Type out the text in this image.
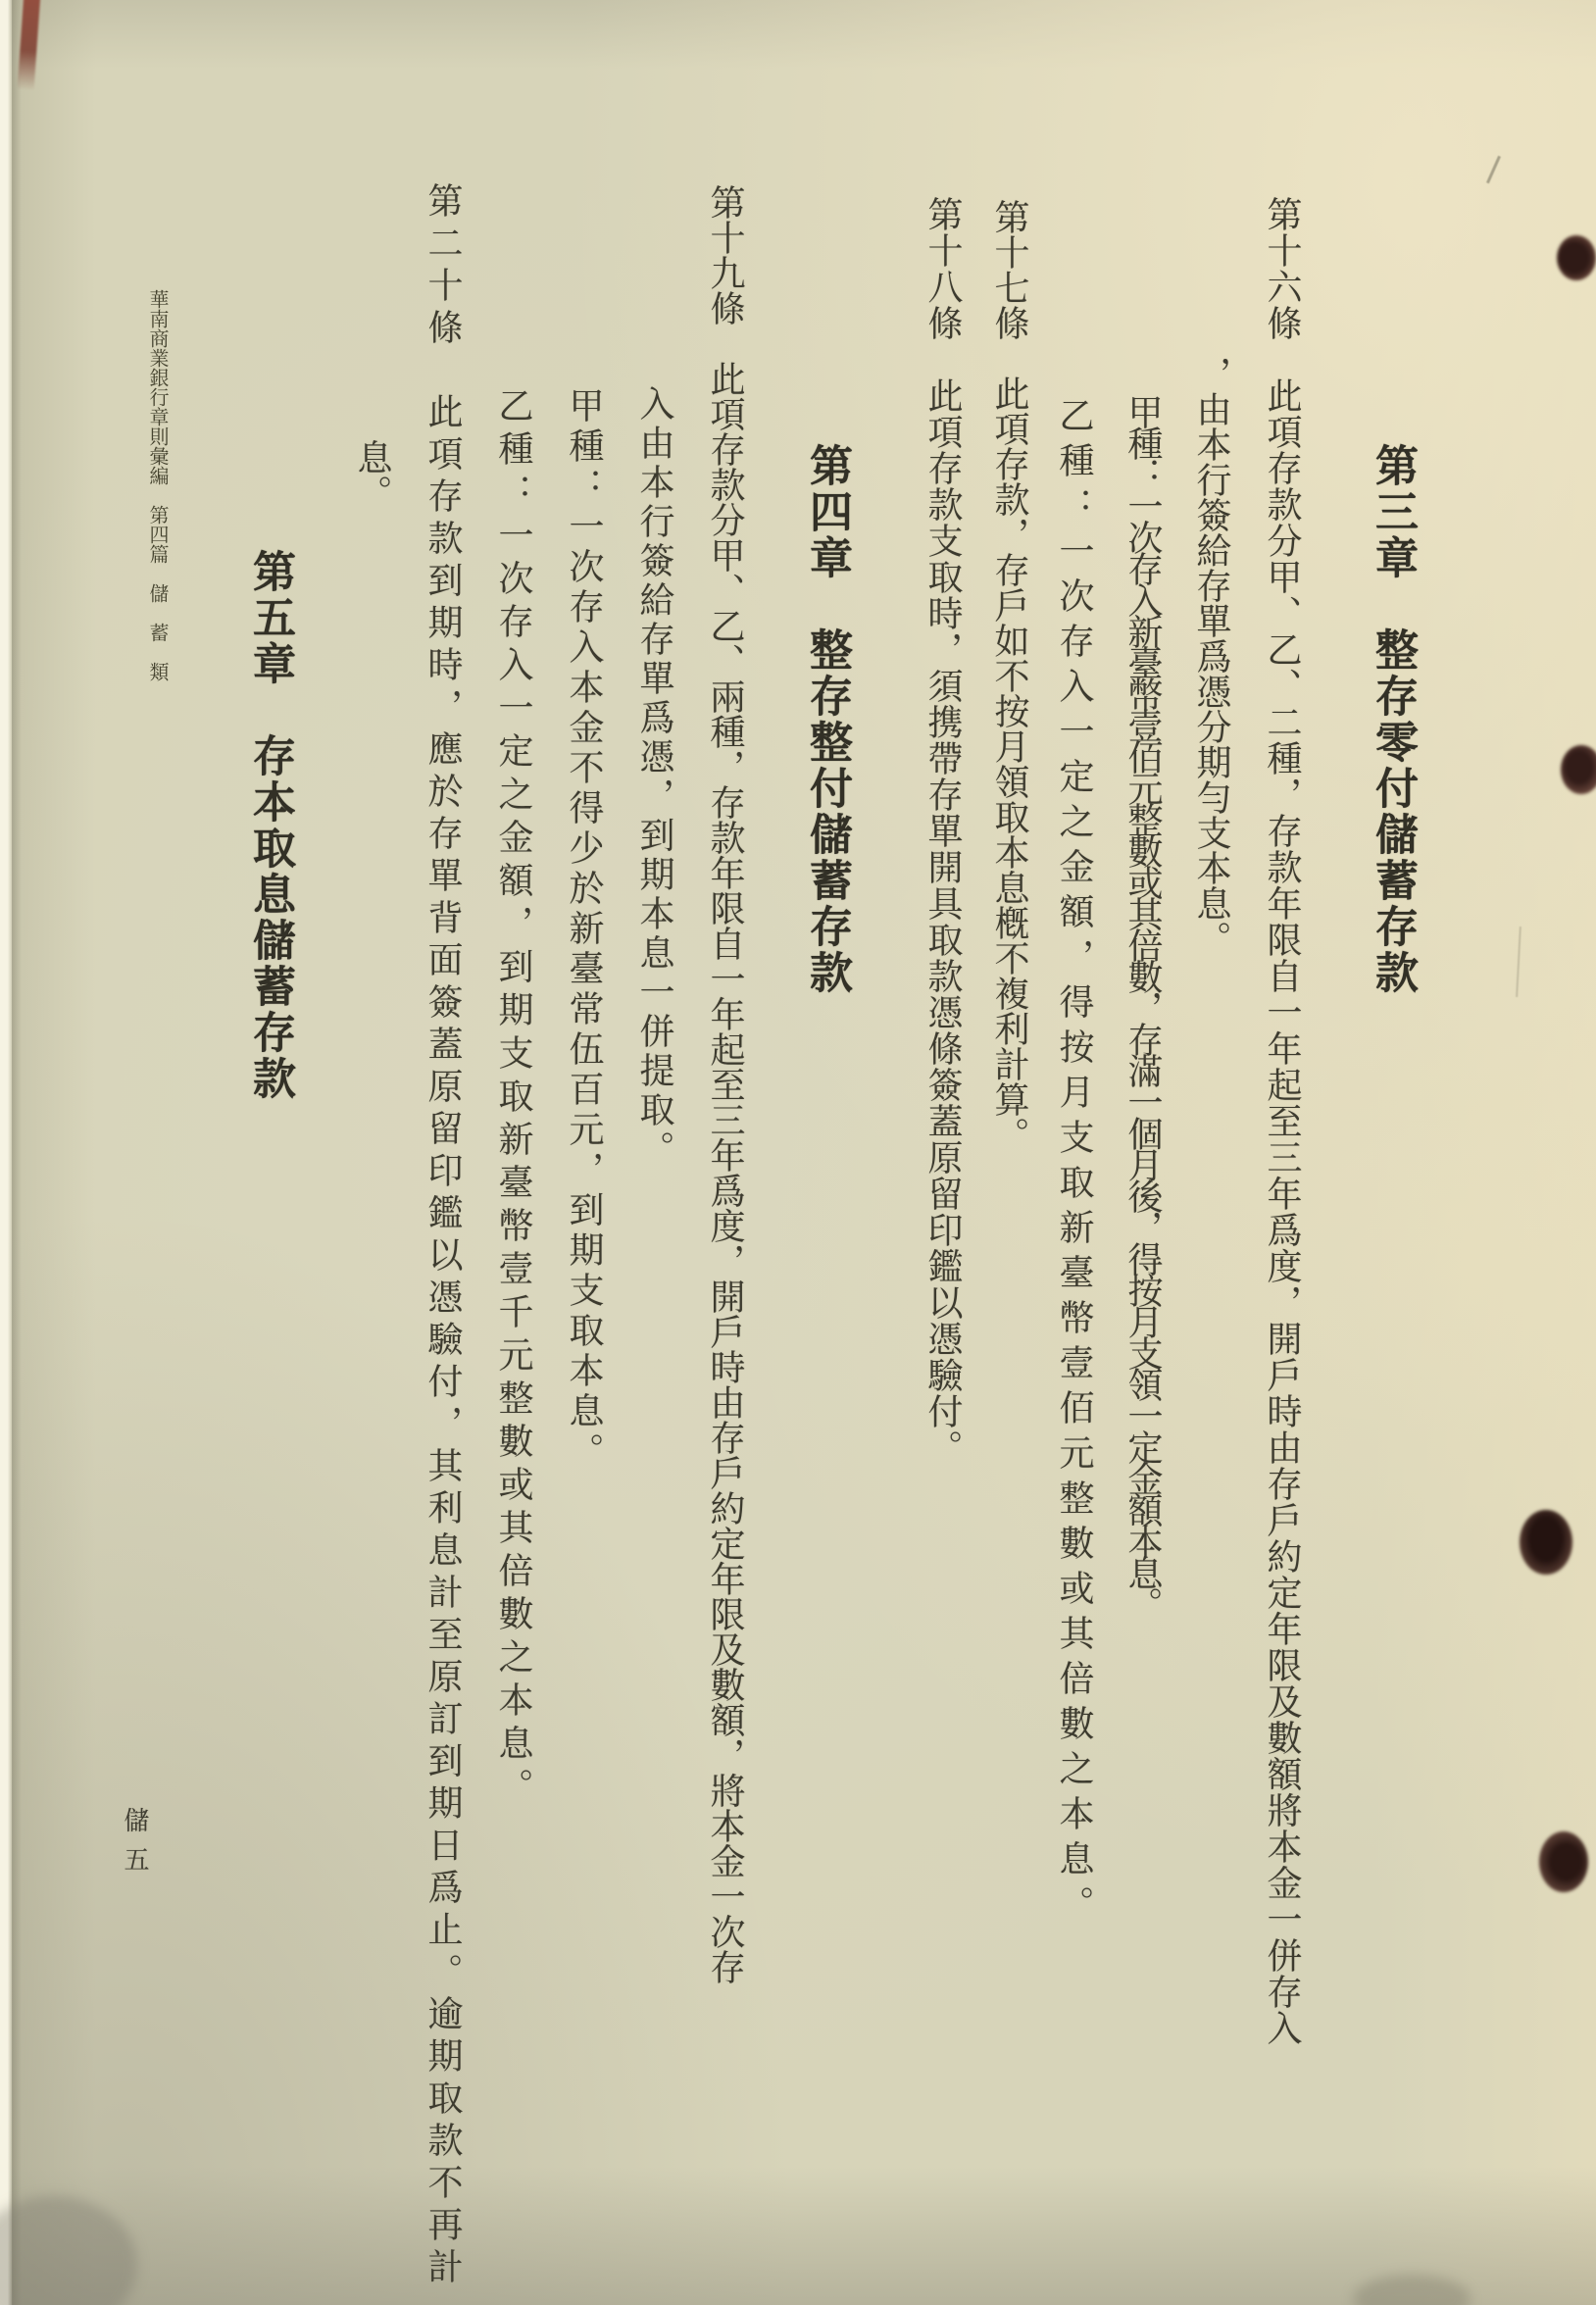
第三章　整存零付儲蓄存款
第十六條　此項存款分甲、乙、二種，存款年限自一年起至三年爲度，開戶時由存戶約定年限及數額將本金一併存入
，由本行簽給存單爲憑分期勻支本息。
甲種：一次存入新臺幣壹佰元整數或其倍數，存滿一個月後，得按月支領一定金額本息。
乙種：一次存入一定之金額，得按月支取新臺幣壹佰元整數或其倍數之本息。
第十七條　此項存款，存戶如不按月領取本息槪不複利計算。
第十八條　此項存款支取時，須携帶存單開具取款憑條簽蓋原留印鑑以憑驗付。
第四章　整存整付儲蓄存款
第十九條　此項存款分甲、乙、兩種，存款年限自一年起至三年爲度，開戶時由存戶約定年限及數額，將本金一次存
入由本行簽給存單爲憑，到期本息一併提取。
甲種：一次存入本金不得少於新臺常伍百元，到期支取本息。
乙種：一次存入一定之金額，到期支取新臺幣壹千元整數或其倍數之本息。
第二十條　此項存款到期時，應於存單背面簽蓋原留印鑑以憑驗付，其利息計至原訂到期日爲止。逾期取款不再計
息。
第五章　存本取息儲蓄存款
華南商業銀行章則彙編　第四篇　儲　蓄　類
儲五
